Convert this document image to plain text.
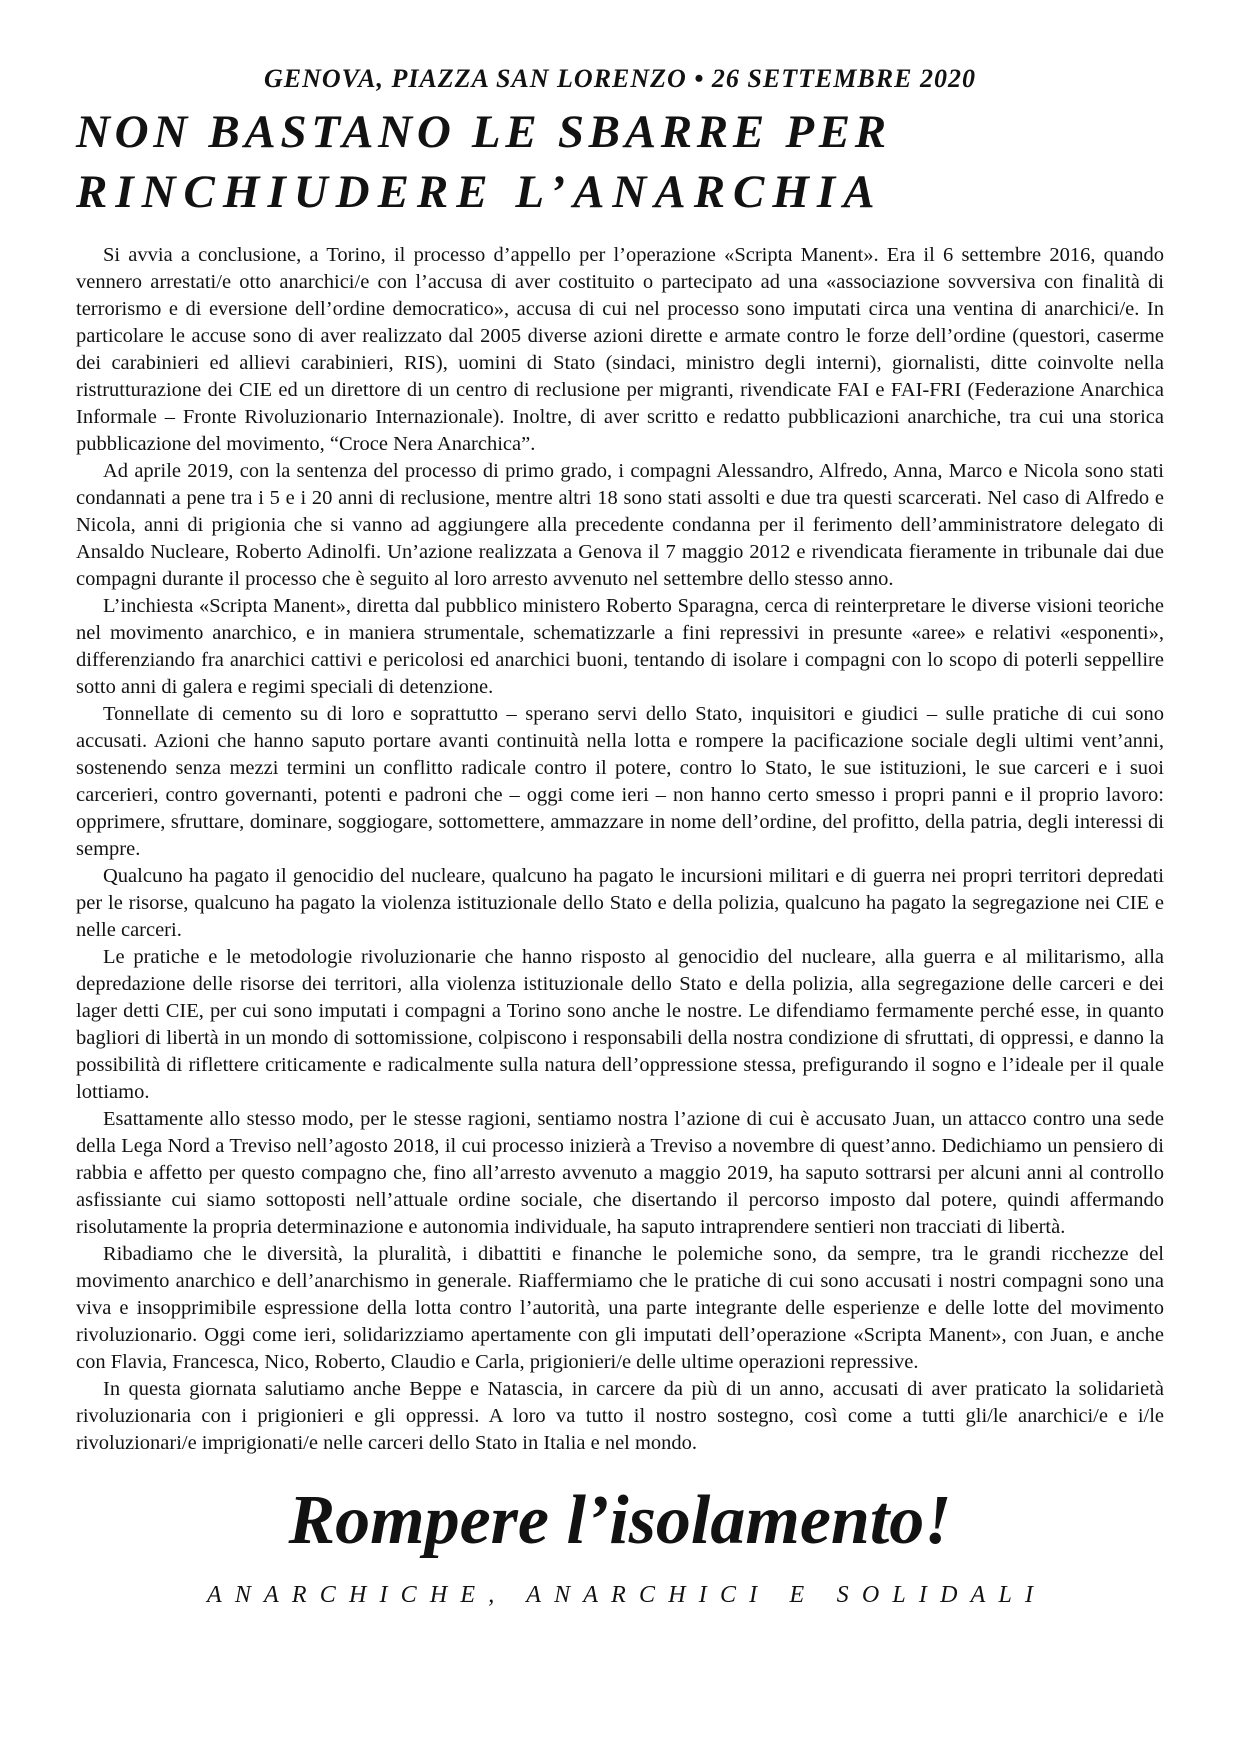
GENOVA, PIAZZA SAN LORENZO • 26 SETTEMBRE 2020
NON BASTANO LE SBARRE PER
RINCHIUDERE L’ANARCHIA

Si avvia a conclusione, a Torino, il processo d’appello per l’operazione «Scripta Manent». Era il 6 settembre 2016, quando vennero arrestati/e otto anarchici/e con l’accusa di aver costituito o partecipato ad una «associazione sovversiva con finalità di terrorismo e di eversione dell’ordine democratico», accusa di cui nel processo sono imputati circa una ventina di anarchici/e. In particolare le accuse sono di aver realizzato dal 2005 diverse azioni dirette e armate contro le forze dell’ordine (questori, caserme dei carabinieri ed allievi carabinieri, RIS), uomini di Stato (sindaci, ministro degli interni), giornalisti, ditte coinvolte nella ristrutturazione dei CIE ed un direttore di un centro di reclusione per migranti, rivendicate FAI e FAI-FRI (Federazione Anarchica Informale – Fronte Rivoluzionario Internazionale). Inoltre, di aver scritto e redatto pubblicazioni anarchiche, tra cui una storica pubblicazione del movimento, “Croce Nera Anarchica”.

Ad aprile 2019, con la sentenza del processo di primo grado, i compagni Alessandro, Alfredo, Anna, Marco e Nicola sono stati condannati a pene tra i 5 e i 20 anni di reclusione, mentre altri 18 sono stati assolti e due tra questi scarcerati. Nel caso di Alfredo e Nicola, anni di prigionia che si vanno ad aggiungere alla precedente condanna per il ferimento dell’amministratore delegato di Ansaldo Nucleare, Roberto Adinolfi. Un’azione realizzata a Genova il 7 maggio 2012 e rivendicata fieramente in tribunale dai due compagni durante il processo che è seguito al loro arresto avvenuto nel settembre dello stesso anno.

L’inchiesta «Scripta Manent», diretta dal pubblico ministero Roberto Sparagna, cerca di reinterpretare le diverse visioni teoriche nel movimento anarchico, e in maniera strumentale, schematizzarle a fini repressivi in presunte «aree» e relativi «esponenti», differenziando fra anarchici cattivi e pericolosi ed anarchici buoni, tentando di isolare i compagni con lo scopo di poterli seppellire sotto anni di galera e regimi speciali di detenzione.

Tonnellate di cemento su di loro e soprattutto – sperano servi dello Stato, inquisitori e giudici – sulle pratiche di cui sono accusati. Azioni che hanno saputo portare avanti continuità nella lotta e rompere la pacificazione sociale degli ultimi vent’anni, sostenendo senza mezzi termini un conflitto radicale contro il potere, contro lo Stato, le sue istituzioni, le sue carceri e i suoi carcerieri, contro governanti, potenti e padroni che – oggi come ieri – non hanno certo smesso i propri panni e il proprio lavoro: opprimere, sfruttare, dominare, soggiogare, sottomettere, ammazzare in nome dell’ordine, del profitto, della patria, degli interessi di sempre.

Qualcuno ha pagato il genocidio del nucleare, qualcuno ha pagato le incursioni militari e di guerra nei propri territori depredati per le risorse, qualcuno ha pagato la violenza istituzionale dello Stato e della polizia, qualcuno ha pagato la segregazione nei CIE e nelle carceri.

Le pratiche e le metodologie rivoluzionarie che hanno risposto al genocidio del nucleare, alla guerra e al militarismo, alla depredazione delle risorse dei territori, alla violenza istituzionale dello Stato e della polizia, alla segregazione delle carceri e dei lager detti CIE, per cui sono imputati i compagni a Torino sono anche le nostre. Le difendiamo fermamente perché esse, in quanto bagliori di libertà in un mondo di sottomissione, colpiscono i responsabili della nostra condizione di sfruttati, di oppressi, e danno la possibilità di riflettere criticamente e radicalmente sulla natura dell’oppressione stessa, prefigurando il sogno e l’ideale per il quale lottiamo.

Esattamente allo stesso modo, per le stesse ragioni, sentiamo nostra l’azione di cui è accusato Juan, un attacco contro una sede della Lega Nord a Treviso nell’agosto 2018, il cui processo inizierà a Treviso a novembre di quest’anno. Dedichiamo un pensiero di rabbia e affetto per questo compagno che, fino all’arresto avvenuto a maggio 2019, ha saputo sottrarsi per alcuni anni al controllo asfissiante cui siamo sottoposti nell’attuale ordine sociale, che disertando il percorso imposto dal potere, quindi affermando risolutamente la propria determinazione e autonomia individuale, ha saputo intraprendere sentieri non tracciati di libertà.

Ribadiamo che le diversità, la pluralità, i dibattiti e finanche le polemiche sono, da sempre, tra le grandi ricchezze del movimento anarchico e dell’anarchismo in generale. Riaffermiamo che le pratiche di cui sono accusati i nostri compagni sono una viva e insopprimibile espressione della lotta contro l’autorità, una parte integrante delle esperienze e delle lotte del movimento rivoluzionario. Oggi come ieri, solidarizziamo apertamente con gli imputati dell’operazione «Scripta Manent», con Juan, e anche con Flavia, Francesca, Nico, Roberto, Claudio e Carla, prigionieri/e delle ultime operazioni repressive.

In questa giornata salutiamo anche Beppe e Natascia, in carcere da più di un anno, accusati di aver praticato la solidarietà rivoluzionaria con i prigionieri e gli oppressi. A loro va tutto il nostro sostegno, così come a tutti gli/le anarchici/e e i/le rivoluzionari/e imprigionati/e nelle carceri dello Stato in Italia e nel mondo.

Rompere l’isolamento!
ANARCHICHE, ANARCHICI E SOLIDALI
